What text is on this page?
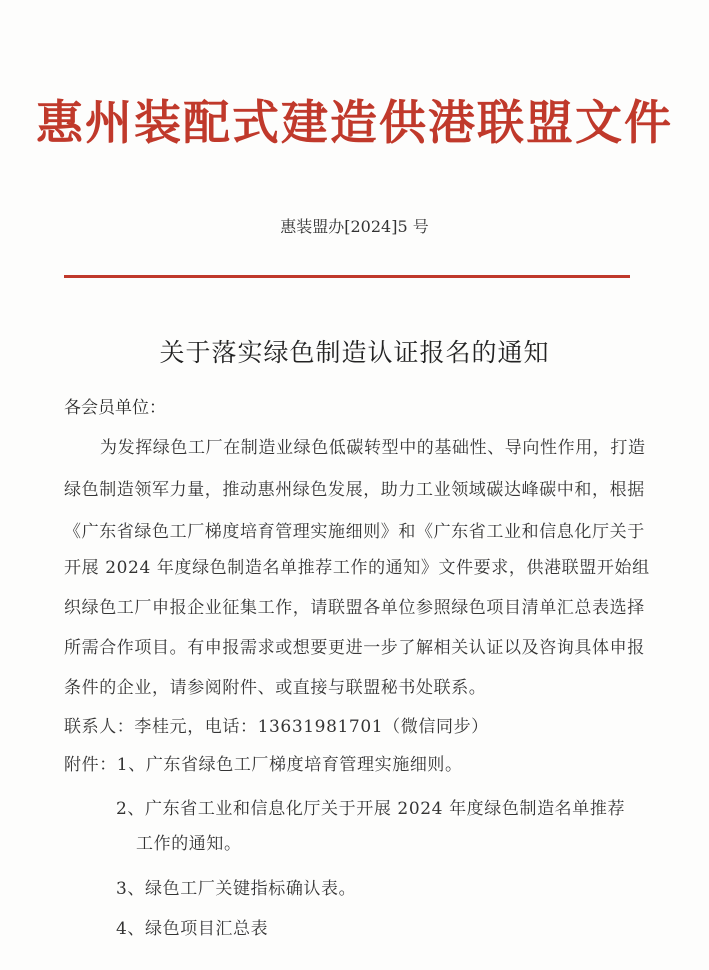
惠州装配式建造供港联盟文件
惠装盟办[2024]5 号
关于落实绿色制造认证报名的通知
各会员单位：
为发挥绿色工厂在制造业绿色低碳转型中的基础性、导向性作用，打造
绿色制造领军力量，推动惠州绿色发展，助力工业领域碳达峰碳中和，根据
《广东省绿色工厂梯度培育管理实施细则》和《广东省工业和信息化厅关于
开展 2024 年度绿色制造名单推荐工作的通知》文件要求，供港联盟开始组
织绿色工厂申报企业征集工作，请联盟各单位参照绿色项目清单汇总表选择
所需合作项目。有申报需求或想要更进一步了解相关认证以及咨询具体申报
条件的企业，请参阅附件、或直接与联盟秘书处联系。
联系人：李桂元，电话：13631981701（微信同步）
附件：1、广东省绿色工厂梯度培育管理实施细则。
2、广东省工业和信息化厅关于开展 2024 年度绿色制造名单推荐
工作的通知。
3、绿色工厂关键指标确认表。
4、绿色项目汇总表
